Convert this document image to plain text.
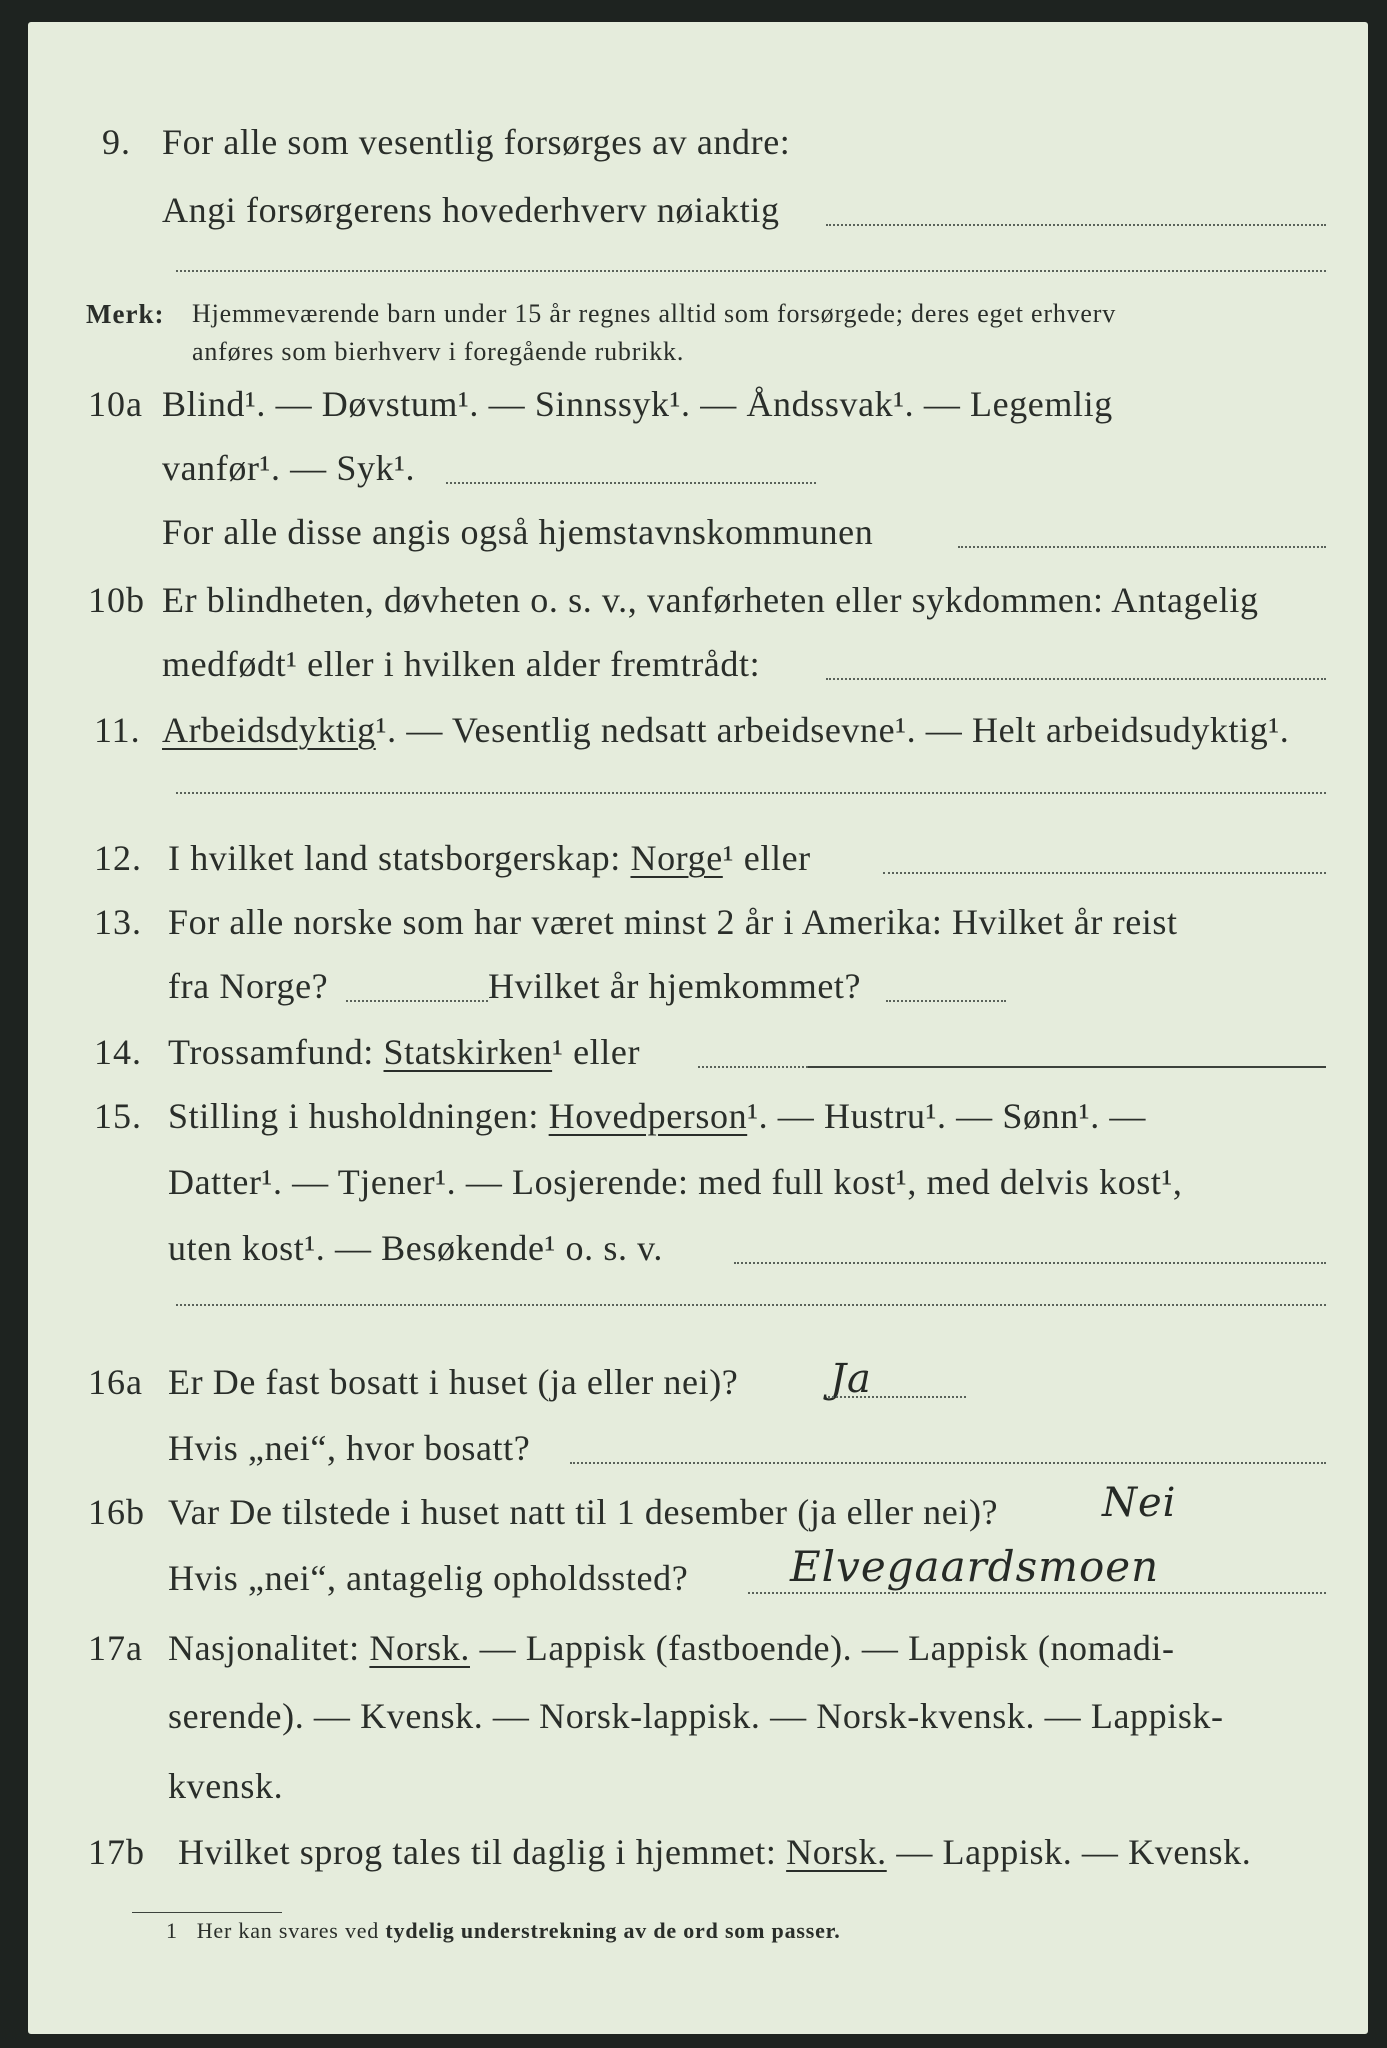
9. For alle som vesentlig forsørges av andre:
Angi forsørgerens hovederhverv nøiaktig
Merk: Hjemmeværende barn under 15 år regnes alltid som forsørgede; deres eget erhverv
anføres som bierhverv i foregående rubrikk.
10a Blind¹. — Døvstum¹. — Sinnssyk¹. — Åndssvak¹. — Legemlig
vanfør¹. — Syk¹.
For alle disse angis også hjemstavnskommunen
10b Er blindheten, døvheten o. s. v., vanførheten eller sykdommen: Antagelig
medfødt¹ eller i hvilken alder fremtrådt:
11. Arbeidsdyktig¹. — Vesentlig nedsatt arbeidsevne¹. — Helt arbeidsudyktig¹.
12. I hvilket land statsborgerskap: Norge¹ eller
13. For alle norske som har været minst 2 år i Amerika: Hvilket år reist
fra Norge?	Hvilket år hjemkommet?
14. Trossamfund: Statskirken¹ eller
15. Stilling i husholdningen: Hovedperson¹. — Hustru¹. — Sønn¹. —
Datter¹. — Tjener¹. — Losjerende: med full kost¹, med delvis kost¹,
uten kost¹. — Besøkende¹ o. s. v.
16a Er De fast bosatt i huset (ja eller nei)? Ja
Hvis „nei“, hvor bosatt?
16b Var De tilstede i huset natt til 1 desember (ja eller nei)?	Nei
Hvis „nei“, antagelig opholdssted? Elvegaardsmoen
17a Nasjonalitet: Norsk. — Lappisk (fastboende). — Lappisk (nomadi-
serende). — Kvensk. — Norsk-lappisk. — Norsk-kvensk. — Lappisk-
kvensk.
17b Hvilket sprog tales til daglig i hjemmet: Norsk. — Lappisk. — Kvensk.
1 Her kan svares ved tydelig understrekning av de ord som passer.
